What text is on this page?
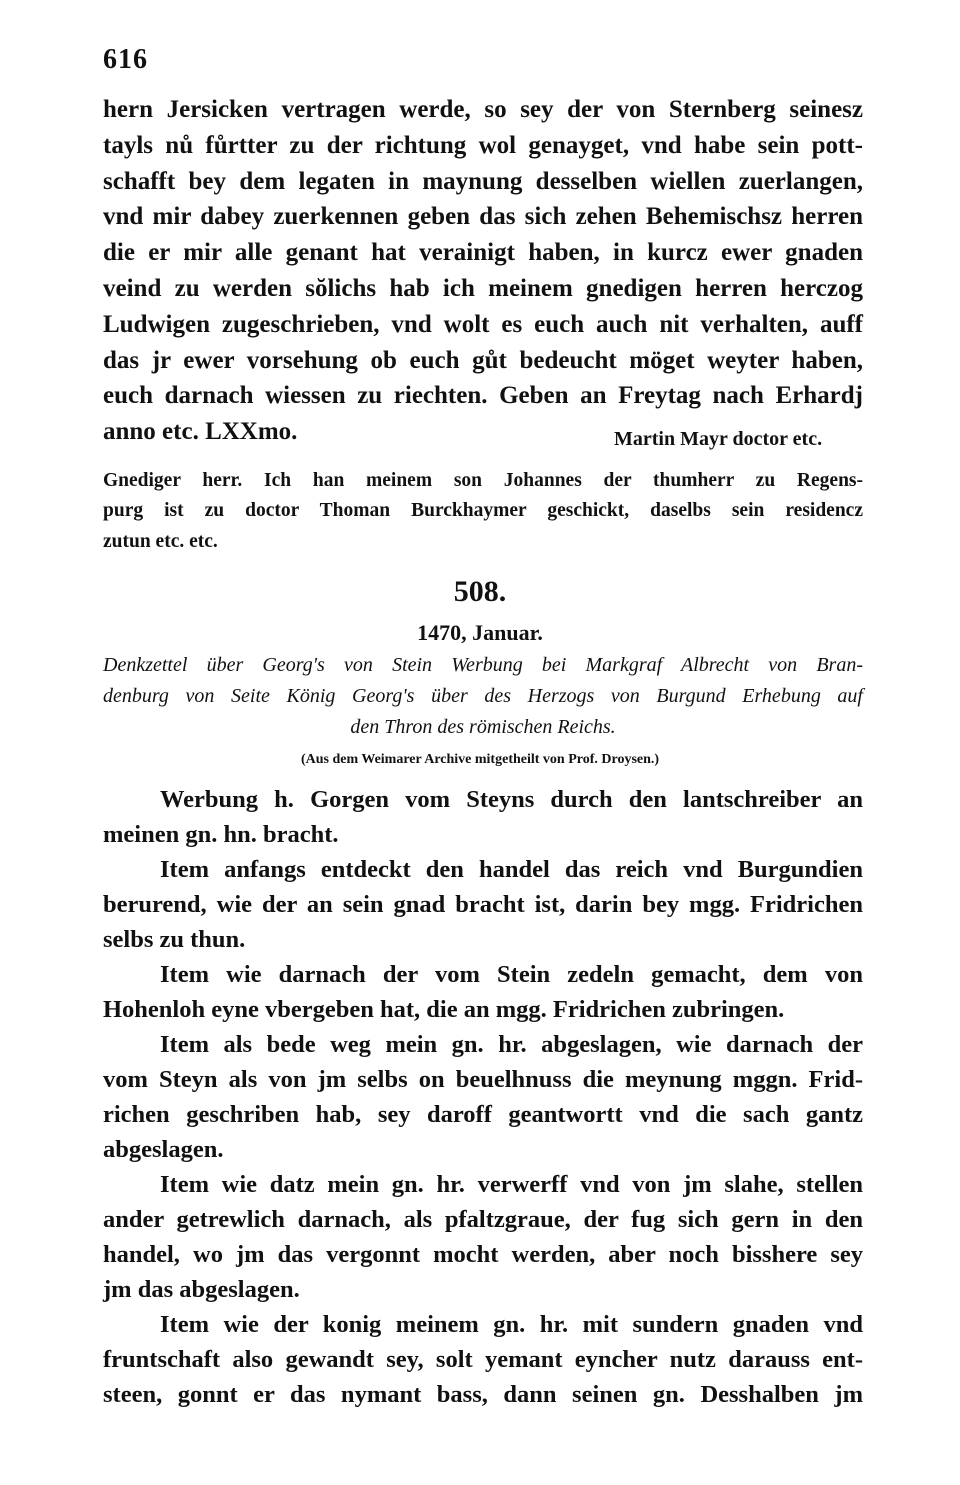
616
hern Jersicken vertragen werde, so sey der von Sternberg seinesz
tayls nů fůrtter zu der richtung wol genayget, vnd habe sein pott-
schafft bey dem legaten in maynung desselben wiellen zuerlangen,
vnd mir dabey zuerkennen geben das sich zehen Behemischsz herren
die er mir alle genant hat verainigt haben, in kurcz ewer gnaden
veind zu werden sŏlichs hab ich meinem gnedigen herren herczog
Ludwigen zugeschrieben, vnd wolt es euch auch nit verhalten, auff
das jr ewer vorsehung ob euch gůt bedeucht möget weyter haben,
euch darnach wiessen zu riechten. Geben an Freytag nach Erhardj
anno etc. LXXmo.	Martin Mayr doctor etc.
Gnediger herr. Ich han meinem son Johannes der thumherr zu Regens-
purg ist zu doctor Thoman Burckhaymer geschickt, daselbs sein residencz
zutun etc. etc.
508.
1470, Januar.
Denkzettel über Georg's von Stein Werbung bei Markgraf Albrecht von Bran-
denburg von Seite König Georg's über des Herzogs von Burgund Erhebung auf
den Thron des römischen Reichs.
(Aus dem Weimarer Archive mitgetheilt von Prof. Droysen.)
Werbung h. Gorgen vom Steyns durch den lantschreiber an
meinen gn. hn. bracht.
Item anfangs entdeckt den handel das reich vnd Burgundien
berurend, wie der an sein gnad bracht ist, darin bey mgg. Fridrichen
selbs zu thun.
Item wie darnach der vom Stein zedeln gemacht, dem von
Hohenloh eyne vbergeben hat, die an mgg. Fridrichen zubringen.
Item als bede weg mein gn. hr. abgeslagen, wie darnach der
vom Steyn als von jm selbs on beuelhnuss die meynung mggn. Frid-
richen geschriben hab, sey daroff geantwortt vnd die sach gantz
abgeslagen.
Item wie datz mein gn. hr. verwerff vnd von jm slahe, stellen
ander getrewlich darnach, als pfaltzgraue, der fug sich gern in den
handel, wo jm das vergonnt mocht werden, aber noch bisshere sey
jm das abgeslagen.
Item wie der konig meinem gn. hr. mit sundern gnaden vnd
fruntschaft also gewandt sey, solt yemant eyncher nutz darauss ent-
steen, gonnt er das nymant bass, dann seinen gn. Desshalben jm
